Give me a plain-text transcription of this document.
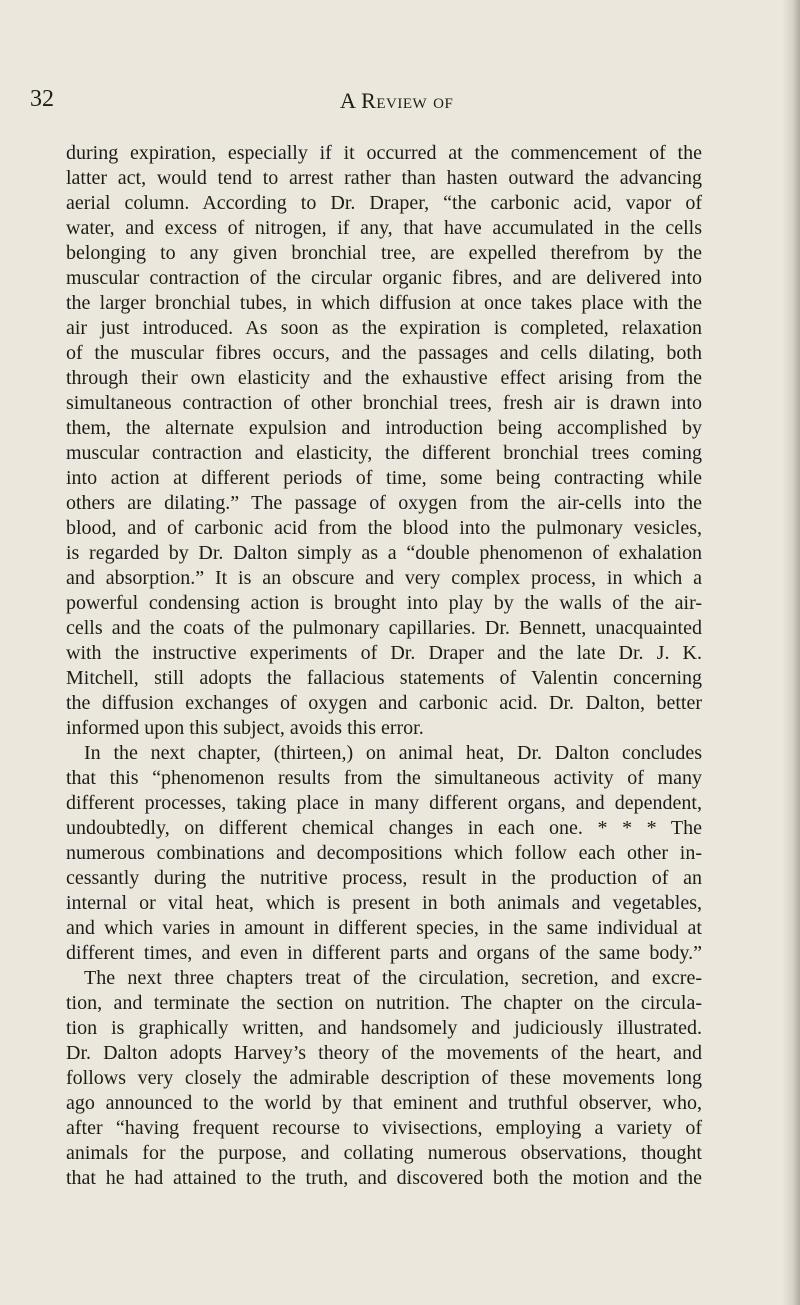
32	A Review of
during expiration, especially if it occurred at the commencement of the
latter act, would tend to arrest rather than hasten outward the advancing
aerial column. According to Dr. Draper, “the carbonic acid, vapor of
water, and excess of nitrogen, if any, that have accumulated in the cells
belonging to any given bronchial tree, are expelled therefrom by the
muscular contraction of the circular organic fibres, and are delivered into
the larger bronchial tubes, in which diffusion at once takes place with the
air just introduced. As soon as the expiration is completed, relaxation
of the muscular fibres occurs, and the passages and cells dilating, both
through their own elasticity and the exhaustive effect arising from the
simultaneous contraction of other bronchial trees, fresh air is drawn into
them, the alternate expulsion and introduction being accomplished by
muscular contraction and elasticity, the different bronchial trees coming
into action at different periods of time, some being contracting while
others are dilating.” The passage of oxygen from the air-cells into the
blood, and of carbonic acid from the blood into the pulmonary vesicles,
is regarded by Dr. Dalton simply as a “double phenomenon of exhalation
and absorption.” It is an obscure and very complex process, in which a
powerful condensing action is brought into play by the walls of the air-
cells and the coats of the pulmonary capillaries. Dr. Bennett, unacquainted
with the instructive experiments of Dr. Draper and the late Dr. J. K.
Mitchell, still adopts the fallacious statements of Valentin concerning
the diffusion exchanges of oxygen and carbonic acid. Dr. Dalton, better
informed upon this subject, avoids this error.
In the next chapter, (thirteen,) on animal heat, Dr. Dalton concludes
that this “phenomenon results from the simultaneous activity of many
different processes, taking place in many different organs, and dependent,
undoubtedly, on different chemical changes in each one. * * * The
numerous combinations and decompositions which follow each other in-
cessantly during the nutritive process, result in the production of an
internal or vital heat, which is present in both animals and vegetables,
and which varies in amount in different species, in the same individual at
different times, and even in different parts and organs of the same body.”
The next three chapters treat of the circulation, secretion, and excre-
tion, and terminate the section on nutrition. The chapter on the circula-
tion is graphically written, and handsomely and judiciously illustrated.
Dr. Dalton adopts Harvey’s theory of the movements of the heart, and
follows very closely the admirable description of these movements long
ago announced to the world by that eminent and truthful observer, who,
after “having frequent recourse to vivisections, employing a variety of
animals for the purpose, and collating numerous observations, thought
that he had attained to the truth, and discovered both the motion and the
